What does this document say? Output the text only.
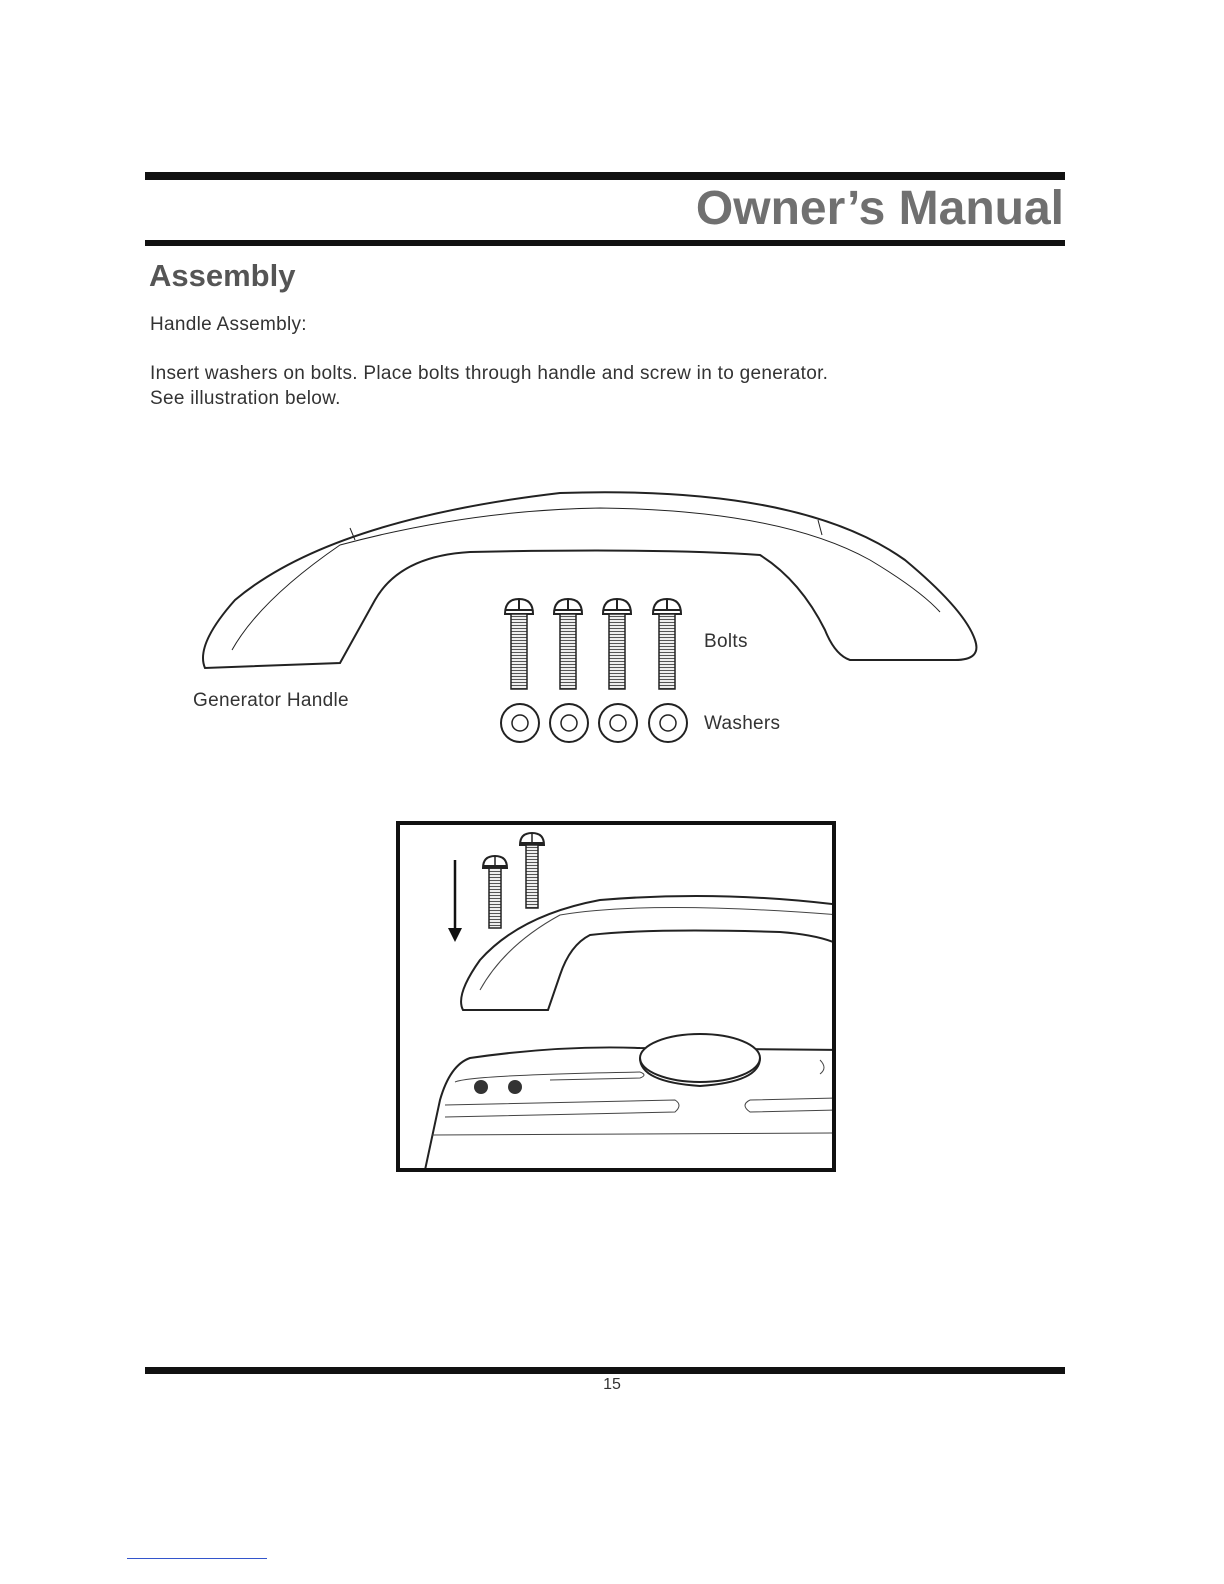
Owner’s Manual
Assembly
Handle Assembly:
Insert washers on bolts. Place bolts through handle and screw in to generator.
See illustration below.
Generator Handle
Bolts
Washers
15
